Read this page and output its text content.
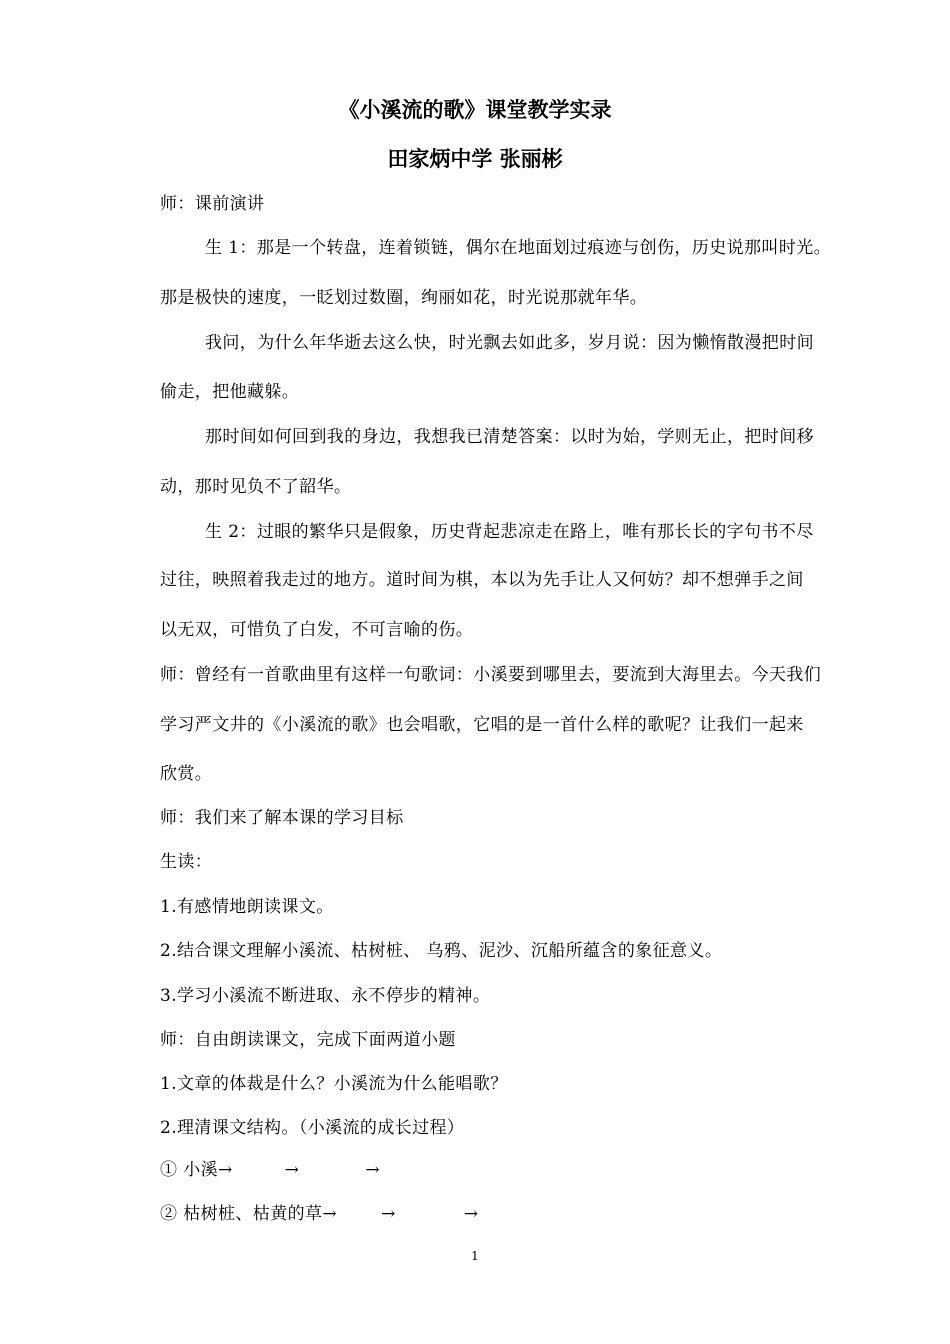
《小溪流的歌》课堂教学实录
田家炳中学 张丽彬
师：课前演讲
生 1：那是一个转盘，连着锁链，偶尔在地面划过痕迹与创伤，历史说那叫时光。
那是极快的速度，一眨划过数圈，绚丽如花，时光说那就年华。
我问，为什么年华逝去这么快，时光飘去如此多，岁月说：因为懒惰散漫把时间
偷走，把他藏躲。
那时间如何回到我的身边，我想我已清楚答案：以时为始，学则无止，把时间移
动，那时见负不了韶华。
生 2：过眼的繁华只是假象，历史背起悲凉走在路上，唯有那长长的字句书不尽
过往，映照着我走过的地方。道时间为棋，本以为先手让人又何妨？却不想弹手之间
以无双，可惜负了白发，不可言喻的伤。
师：曾经有一首歌曲里有这样一句歌词：小溪要到哪里去，要流到大海里去。今天我们
学习严文井的《小溪流的歌》也会唱歌，它唱的是一首什么样的歌呢？让我们一起来
欣赏。
师：我们来了解本课的学习目标
生读：
1.有感情地朗读课文。
2.结合课文理解小溪流、枯树桩、 乌鸦、泥沙、沉船所蕴含的象征意义。
3.学习小溪流不断进取、永不停步的精神。
师：自由朗读课文，完成下面两道小题
1.文章的体裁是什么？小溪流为什么能唱歌？
2.理清课文结构。（小溪流的成长过程）
① 小溪→	→	→
② 枯树桩、枯黄的草→	→	→
1
